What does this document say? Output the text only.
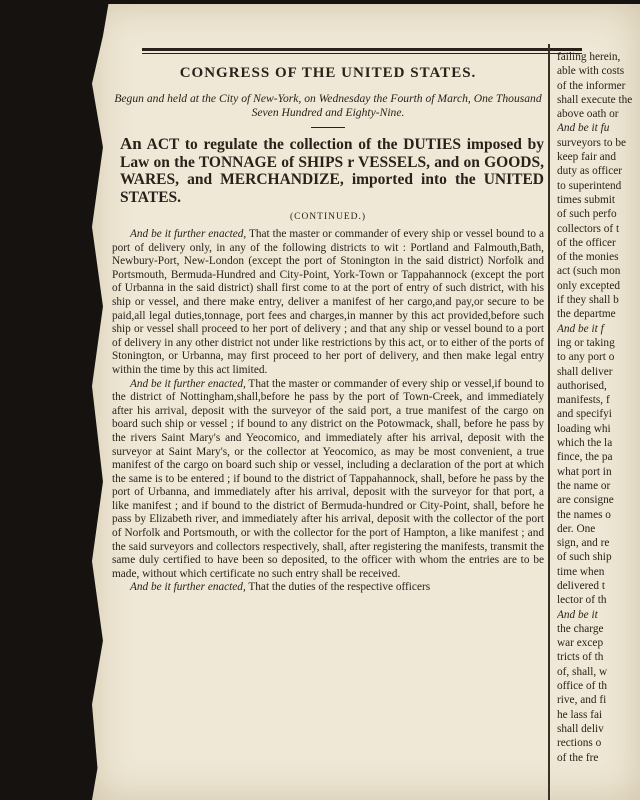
CONGRESS OF THE UNITED STATES.

Begun and held at the City of New-York, on Wednesday the Fourth of March, One Thousand Seven Hundred and Eighty-Nine.

An ACT to regulate the collection of the DUTIES imposed by Law on the TONNAGE of SHIPS r VESSELS, and on GOODS, WARES, and MERCHANDIZE, imported into the UNITED STATES.

(CONTINUED.)

And be it further enacted, That the master or commander of every ship or vessel bound to a port of delivery only, in any of the following districts to wit : Portland and Falmouth,Bath, Newbury-Port, New-London (except the port of Stonington in the said district) Norfolk and Portsmouth, Bermuda-Hundred and City-Point, York-Town or Tappahannock (except the port of Urbanna in the said district) shall first come to at the port of entry of such district, with his ship or vessel, and there make entry, deliver a manifest of her cargo,and pay,or secure to be paid,all legal duties,tonnage, port fees and charges,in manner by this act provided,before such ship or vessel shall proceed to her port of delivery ; and that any ship or vessel bound to a port of delivery in any other district not under like restrictions by this act, or to either of the ports of Stonington, or Urbanna, may first proceed to her port of delivery, and then make legal entry within the time by this act limited.

And be it further enacted, That the master or commander of every ship or vessel,if bound to the district of Nottingham,shall,before he pass by the port of Town-Creek, and immediately after his arrival, deposit with the surveyor of the said port, a true manifest of the cargo on board such ship or vessel ; if bound to any district on the Potowmack, shall, before he pass by the rivers Saint Mary's and Yeocomico, and immediately after his arrival, deposit with the surveyor at Saint Mary's, or the collector at Yeocomico, as may be most convenient, a true manifest of the cargo on board such ship or vessel, including a declaration of the port at which the same is to be entered ; if bound to the district of Tappahannock, shall, before he pass by the port of Urbanna, and immediately after his arrival, deposit with the surveyor for that port, a like manifest ; and if bound to the district of Bermuda-hundred or City-Point, shall, before he pass by Elizabeth river, and immediately after his arrival, deposit with the collector of the port of Norfolk and Portsmouth, or with the collector for the port of Hampton, a like manifest ; and the said surveyors and collectors respectively, shall, after registering the manifests, transmit the same duly certified to have been so deposited, to the officer with whom the entries are to be made, without which certificate no such entry shall be received.

And be it further enacted, That the duties of the respective officers

failing herein,
able with costs
of the informer
shall execute the
above oath or
And be it fu
surveyors to be
keep fair and
duty as officer
to superintend
times submit
of such perfo
collectors of t
of the officer
of the monies
act (such mon
only excepted
if they shall b
the departme
And be it f
ing or taking
to any port o
shall deliver
authorised,
manifests, f
and specifyi
loading whi
which the la
fince, the pa
what port in
the name or
are consigne
the names o
der. One
sign, and re
of such ship
time when
delivered t
lector of th
And be it
the charge
war excep
tricts of th
of, shall, w
office of th
rive, and fi
he lass fai
shall deliv
rections o
of the fre
